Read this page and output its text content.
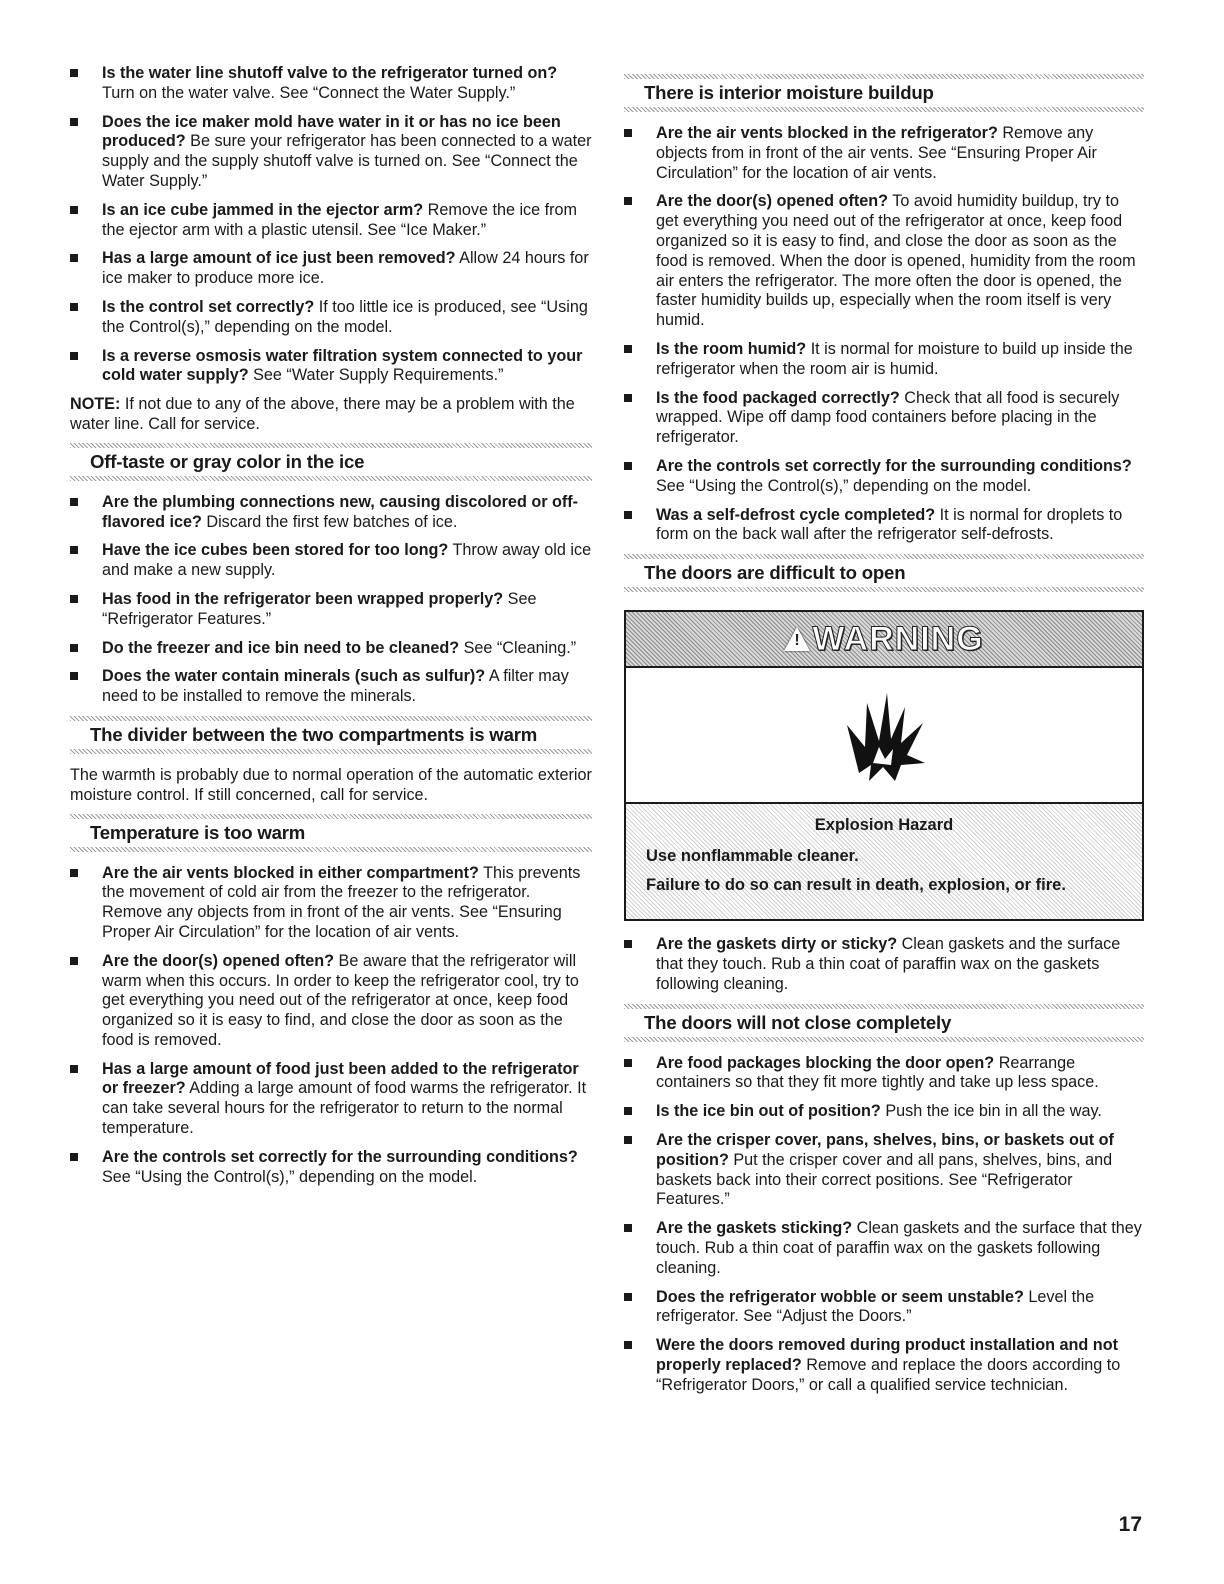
Is the water line shutoff valve to the refrigerator turned on? Turn on the water valve. See “Connect the Water Supply.”
Does the ice maker mold have water in it or has no ice been produced? Be sure your refrigerator has been connected to a water supply and the supply shutoff valve is turned on. See “Connect the Water Supply.”
Is an ice cube jammed in the ejector arm? Remove the ice from the ejector arm with a plastic utensil. See “Ice Maker.”
Has a large amount of ice just been removed? Allow 24 hours for ice maker to produce more ice.
Is the control set correctly? If too little ice is produced, see “Using the Control(s),” depending on the model.
Is a reverse osmosis water filtration system connected to your cold water supply? See “Water Supply Requirements.”
NOTE: If not due to any of the above, there may be a problem with the water line. Call for service.
Off-taste or gray color in the ice
Are the plumbing connections new, causing discolored or off-flavored ice? Discard the first few batches of ice.
Have the ice cubes been stored for too long? Throw away old ice and make a new supply.
Has food in the refrigerator been wrapped properly? See “Refrigerator Features.”
Do the freezer and ice bin need to be cleaned? See “Cleaning.”
Does the water contain minerals (such as sulfur)? A filter may need to be installed to remove the minerals.
The divider between the two compartments is warm
The warmth is probably due to normal operation of the automatic exterior moisture control. If still concerned, call for service.
Temperature is too warm
Are the air vents blocked in either compartment? This prevents the movement of cold air from the freezer to the refrigerator. Remove any objects from in front of the air vents. See “Ensuring Proper Air Circulation” for the location of air vents.
Are the door(s) opened often? Be aware that the refrigerator will warm when this occurs. In order to keep the refrigerator cool, try to get everything you need out of the refrigerator at once, keep food organized so it is easy to find, and close the door as soon as the food is removed.
Has a large amount of food just been added to the refrigerator or freezer? Adding a large amount of food warms the refrigerator. It can take several hours for the refrigerator to return to the normal temperature.
Are the controls set correctly for the surrounding conditions? See “Using the Control(s),” depending on the model.
There is interior moisture buildup
Are the air vents blocked in the refrigerator? Remove any objects from in front of the air vents. See “Ensuring Proper Air Circulation” for the location of air vents.
Are the door(s) opened often? To avoid humidity buildup, try to get everything you need out of the refrigerator at once, keep food organized so it is easy to find, and close the door as soon as the food is removed. When the door is opened, humidity from the room air enters the refrigerator. The more often the door is opened, the faster humidity builds up, especially when the room itself is very humid.
Is the room humid? It is normal for moisture to build up inside the refrigerator when the room air is humid.
Is the food packaged correctly? Check that all food is securely wrapped. Wipe off damp food containers before placing in the refrigerator.
Are the controls set correctly for the surrounding conditions? See “Using the Control(s),” depending on the model.
Was a self-defrost cycle completed? It is normal for droplets to form on the back wall after the refrigerator self-defrosts.
The doors are difficult to open
!
WARNING
Explosion Hazard
Use nonflammable cleaner.
Failure to do so can result in death, explosion, or fire.
Are the gaskets dirty or sticky? Clean gaskets and the surface that they touch. Rub a thin coat of paraffin wax on the gaskets following cleaning.
The doors will not close completely
Are food packages blocking the door open? Rearrange containers so that they fit more tightly and take up less space.
Is the ice bin out of position? Push the ice bin in all the way.
Are the crisper cover, pans, shelves, bins, or baskets out of position? Put the crisper cover and all pans, shelves, bins, and baskets back into their correct positions. See “Refrigerator Features.”
Are the gaskets sticking? Clean gaskets and the surface that they touch. Rub a thin coat of paraffin wax on the gaskets following cleaning.
Does the refrigerator wobble or seem unstable? Level the refrigerator. See “Adjust the Doors.”
Were the doors removed during product installation and not properly replaced? Remove and replace the doors according to “Refrigerator Doors,” or call a qualified service technician.
17
